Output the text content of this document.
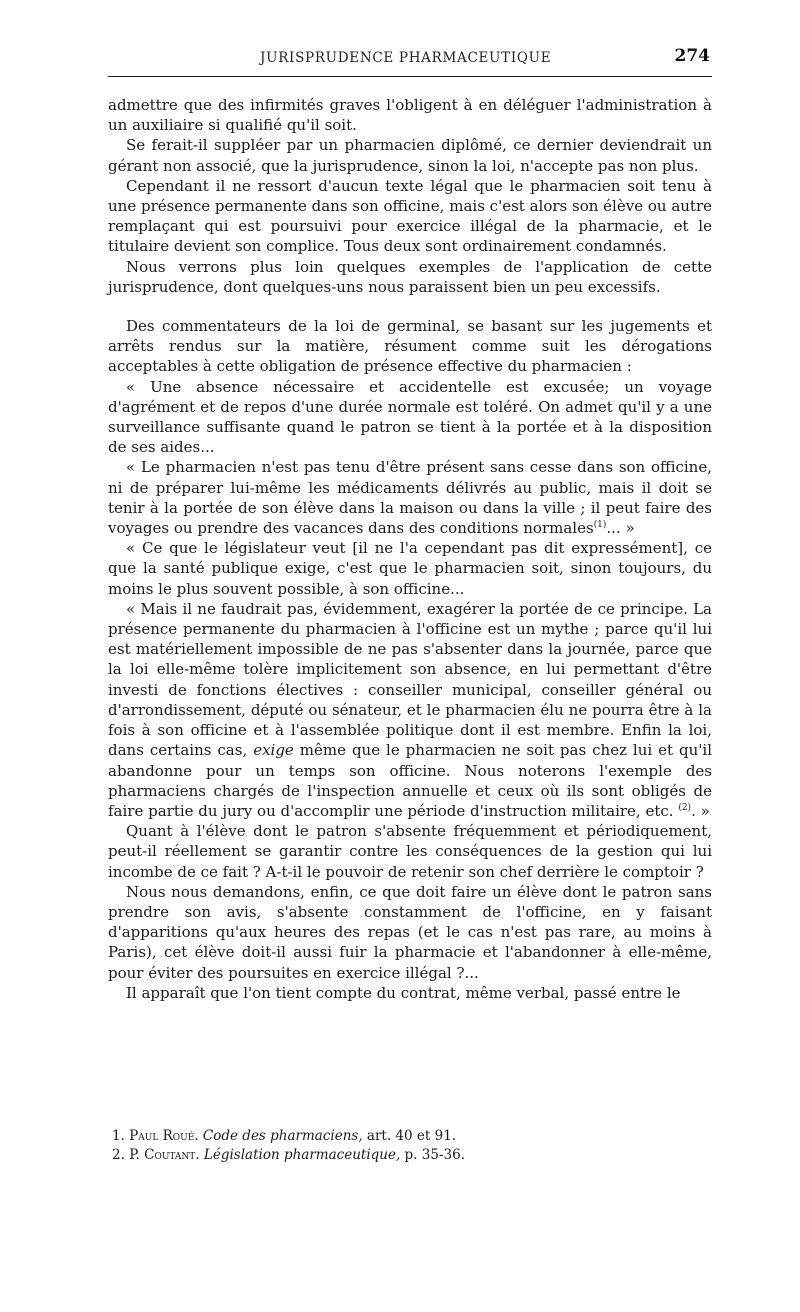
JURISPRUDENCE PHARMACEUTIQUE	274

admettre que des infirmités graves l'obligent à en déléguer l'administration à un auxiliaire si qualifié qu'il soit.

Se ferait-il suppléer par un pharmacien diplômé, ce dernier deviendrait un gérant non associé, que la jurisprudence, sinon la loi, n'accepte pas non plus.

Cependant il ne ressort d'aucun texte légal que le pharmacien soit tenu à une présence permanente dans son officine, mais c'est alors son élève ou autre remplaçant qui est poursuivi pour exercice illégal de la pharmacie, et le titulaire devient son complice. Tous deux sont ordinairement condamnés.

Nous verrons plus loin quelques exemples de l'application de cette jurisprudence, dont quelques-uns nous paraissent bien un peu excessifs.

Des commentateurs de la loi de germinal, se basant sur les jugements et arrêts rendus sur la matière, résument comme suit les dérogations acceptables à cette obligation de présence effective du pharmacien :

« Une absence nécessaire et accidentelle est excusée; un voyage d'agrément et de repos d'une durée normale est toléré. On admet qu'il y a une surveillance suffisante quand le patron se tient à la portée et à la disposition de ses aides...

« Le pharmacien n'est pas tenu d'être présent sans cesse dans son officine, ni de préparer lui-même les médicaments délivrés au public, mais il doit se tenir à la portée de son élève dans la maison ou dans la ville ; il peut faire des voyages ou prendre des vacances dans des conditions normales$^{(1)}$... »

« Ce que le législateur veut [il ne l'a cependant pas dit expressément], ce que la santé publique exige, c'est que le pharmacien soit, sinon toujours, du moins le plus souvent possible, à son officine...

« Mais il ne faudrait pas, évidemment, exagérer la portée de ce principe. La présence permanente du pharmacien à l'officine est un mythe ; parce qu'il lui est matériellement impossible de ne pas s'absenter dans la journée, parce que la loi elle-même tolère implicitement son absence, en lui permettant d'être investi de fonctions électives : conseiller municipal, conseiller général ou d'arrondissement, député ou sénateur, et le pharmacien élu ne pourra être à la fois à son officine et à l'assemblée politique dont il est membre. Enfin la loi, dans certains cas, exige même que le pharmacien ne soit pas chez lui et qu'il abandonne pour un temps son officine. Nous noterons l'exemple des pharmaciens chargés de l'inspection annuelle et ceux où ils sont obligés de faire partie du jury ou d'accomplir une période d'instruction militaire, etc. $^{(2)}$. »

Quant à l'élève dont le patron s'absente fréquemment et périodiquement, peut-il réellement se garantir contre les conséquences de la gestion qui lui incombe de ce fait ? A-t-il le pouvoir de retenir son chef derrière le comptoir ?

Nous nous demandons, enfin, ce que doit faire un élève dont le patron sans prendre son avis, s'absente constamment de l'officine, en y faisant d'apparitions qu'aux heures des repas (et le cas n'est pas rare, au moins à Paris), cet élève doit-il aussi fuir la pharmacie et l'abandonner à elle-même, pour éviter des poursuites en exercice illégal ?...

Il apparaît que l'on tient compte du contrat, même verbal, passé entre le

1. Paul Roué. Code des pharmaciens, art. 40 et 91.

2. P. Coutant. Législation pharmaceutique, p. 35-36.
